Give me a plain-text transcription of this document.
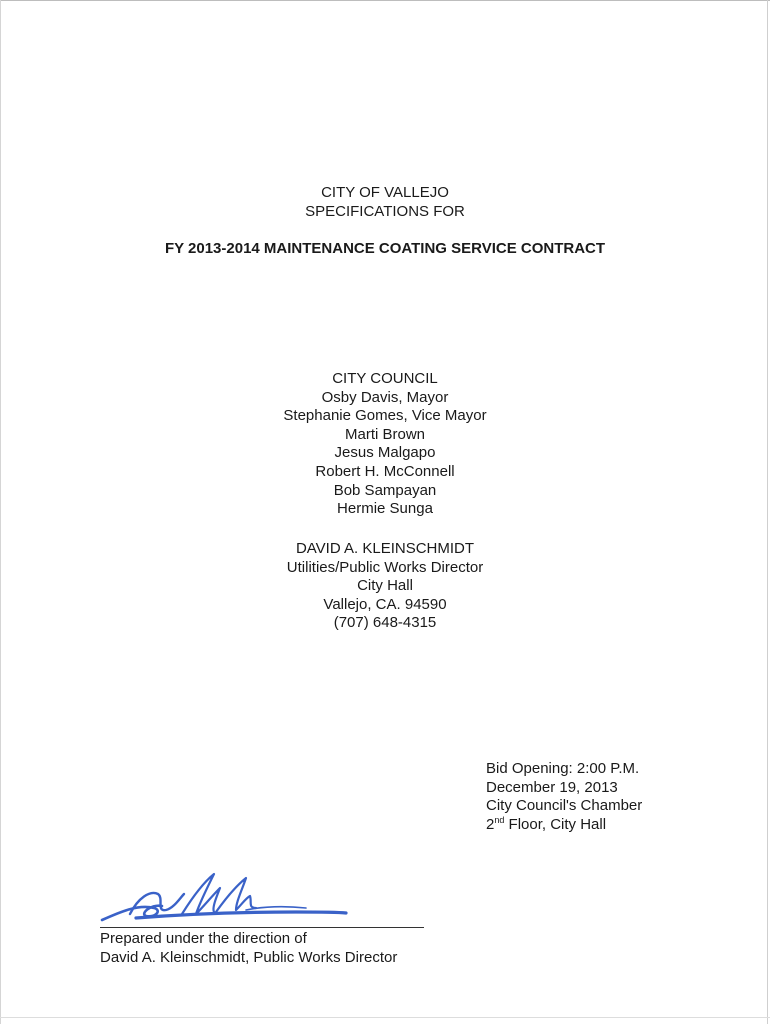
CITY OF VALLEJO
SPECIFICATIONS FOR
FY 2013-2014 MAINTENANCE COATING SERVICE CONTRACT
CITY COUNCIL
Osby Davis, Mayor
Stephanie Gomes, Vice Mayor
Marti Brown
Jesus Malgapo
Robert H. McConnell
Bob Sampayan
Hermie Sunga
DAVID A. KLEINSCHMIDT
Utilities/Public Works Director
City Hall
Vallejo, CA. 94590
(707) 648-4315
Bid Opening: 2:00 P.M.
December 19, 2013
City Council's Chamber
2nd Floor, City Hall
Prepared under the direction of
David A. Kleinschmidt, Public Works Director
